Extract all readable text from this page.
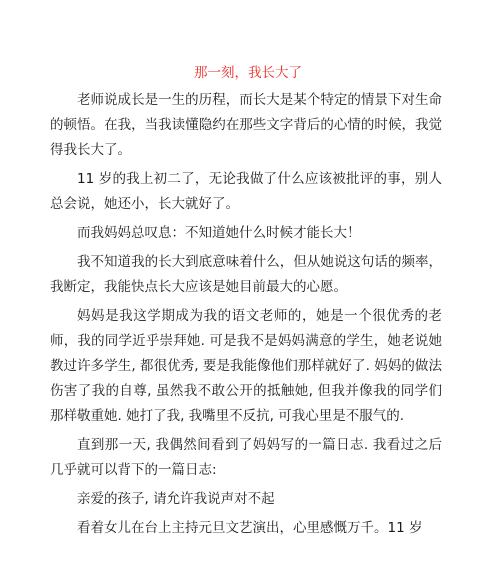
那一刻，我长大了

老师说成长是一生的历程，而长大是某个特定的情景下对生命的顿悟。在我，当我读懂隐约在那些文字背后的心情的时候，我觉得我长大了。

11 岁的我上初二了，无论我做了什么应该被批评的事，别人总会说，她还小，长大就好了。

而我妈妈总叹息：不知道她什么时候才能长大！

我不知道我的长大到底意味着什么，但从她说这句话的频率，我断定，我能快点长大应该是她目前最大的心愿。

妈妈是我这学期成为我的语文老师的，她是一个很优秀的老师，我的同学近乎崇拜她. 可是我不是妈妈满意的学生，她老说她教过许多学生, 都很优秀, 要是我能像他们那样就好了. 妈妈的做法伤害了我的自尊, 虽然我不敢公开的抵触她, 但我并像我的同学们那样敬重她. 她打了我, 我嘴里不反抗, 可我心里是不服气的.

直到那一天, 我偶然间看到了妈妈写的一篇日志. 我看过之后几乎就可以背下的一篇日志:

亲爱的孩子, 请允许我说声对不起

看着女儿在台上主持元旦文艺演出，心里感慨万千。11 岁
